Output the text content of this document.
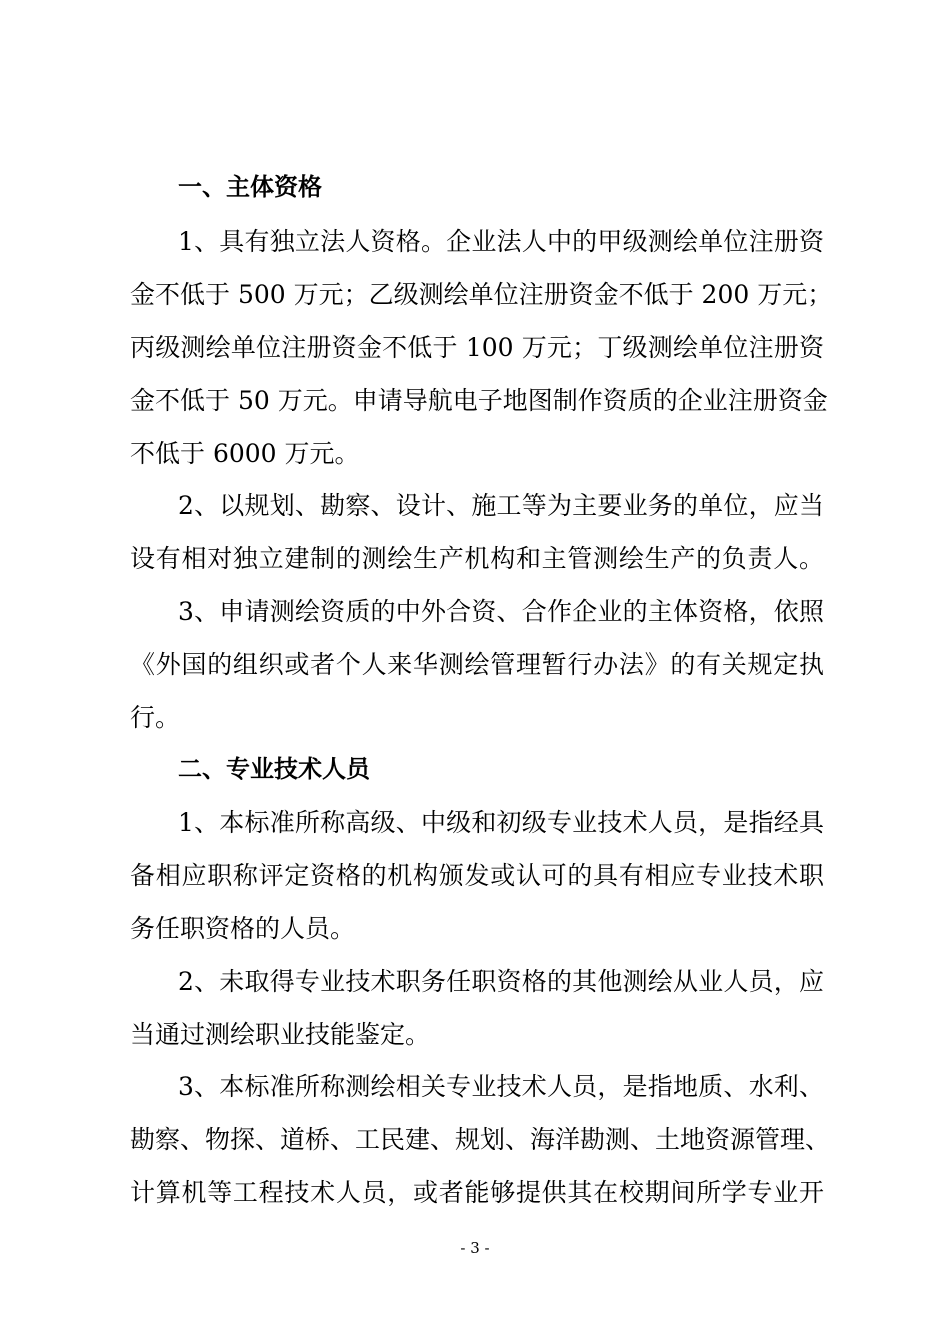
一、主体资格
1、具有独立法人资格。企业法人中的甲级测绘单位注册资
金不低于 500 万元；乙级测绘单位注册资金不低于 200 万元；
丙级测绘单位注册资金不低于 100 万元；丁级测绘单位注册资
金不低于 50 万元。申请导航电子地图制作资质的企业注册资金
不低于 6000 万元。
2、以规划、勘察、设计、施工等为主要业务的单位，应当
设有相对独立建制的测绘生产机构和主管测绘生产的负责人。
3、申请测绘资质的中外合资、合作企业的主体资格，依照
《外国的组织或者个人来华测绘管理暂行办法》的有关规定执
行。
二、专业技术人员
1、本标准所称高级、中级和初级专业技术人员，是指经具
备相应职称评定资格的机构颁发或认可的具有相应专业技术职
务任职资格的人员。
2、未取得专业技术职务任职资格的其他测绘从业人员，应
当通过测绘职业技能鉴定。
3、本标准所称测绘相关专业技术人员，是指地质、水利、
勘察、物探、道桥、工民建、规划、海洋勘测、土地资源管理、
计算机等工程技术人员，或者能够提供其在校期间所学专业开
- 3 -
